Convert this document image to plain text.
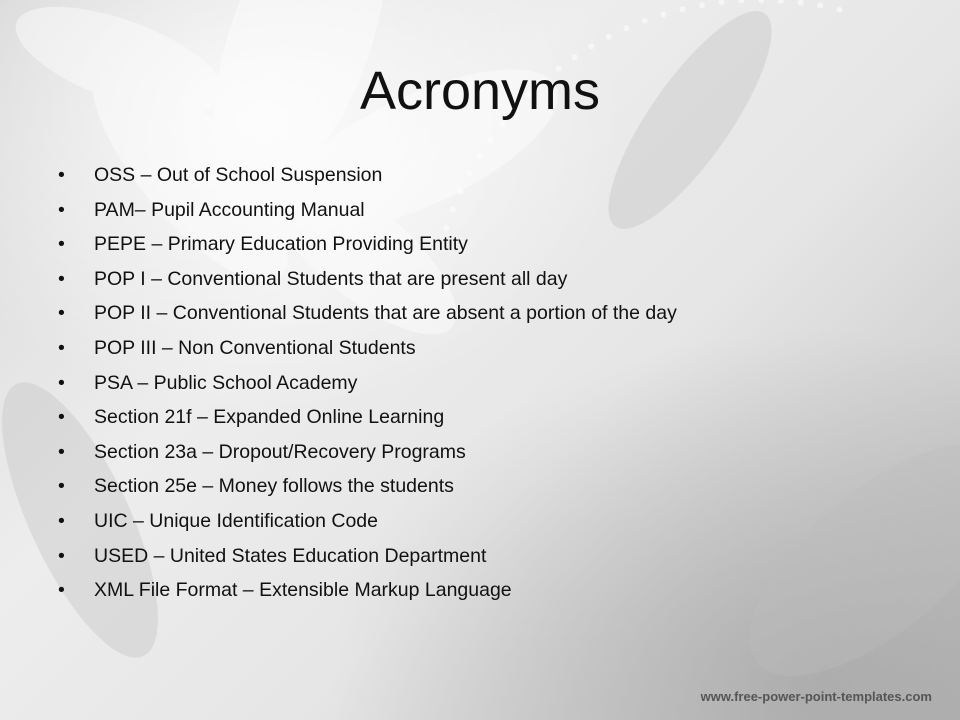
Acronyms
•	OSS – Out of School Suspension
•	PAM– Pupil Accounting Manual
•	PEPE – Primary Education Providing Entity
•	POP I – Conventional Students that are present all day
•	POP II – Conventional Students that are absent a portion of the day
•	POP III – Non Conventional Students
•	PSA – Public School Academy
•	Section 21f – Expanded Online Learning
•	Section 23a – Dropout/Recovery Programs
•	Section 25e – Money follows the students
•	UIC – Unique Identification Code
•	USED – United States Education Department
•	XML File Format – Extensible Markup Language
www.free-power-point-templates.com
